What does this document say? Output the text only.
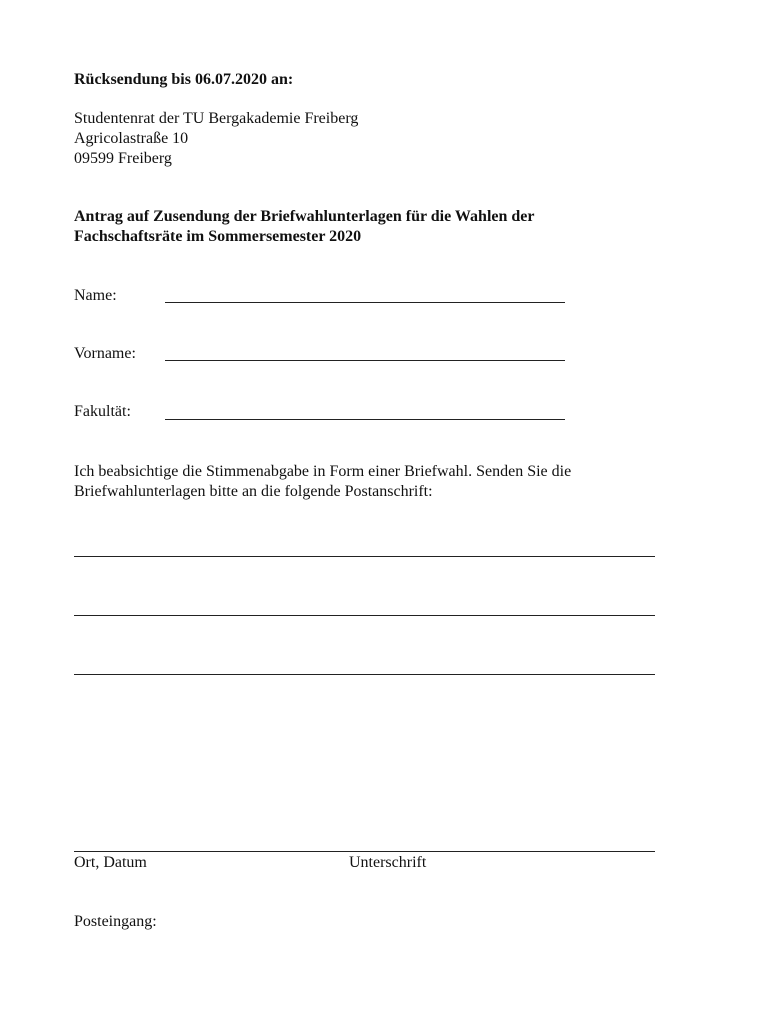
Rücksendung bis 06.07.2020 an:
Studentenrat der TU Bergakademie Freiberg
Agricolastraße 10
09599 Freiberg
Antrag auf Zusendung der Briefwahlunterlagen für die Wahlen der
Fachschaftsräte im Sommersemester 2020
Name:
Vorname:
Fakultät:
Ich beabsichtige die Stimmenabgabe in Form einer Briefwahl. Senden Sie die
Briefwahlunterlagen bitte an die folgende Postanschrift:
Ort, Datum	Unterschrift
Posteingang:
